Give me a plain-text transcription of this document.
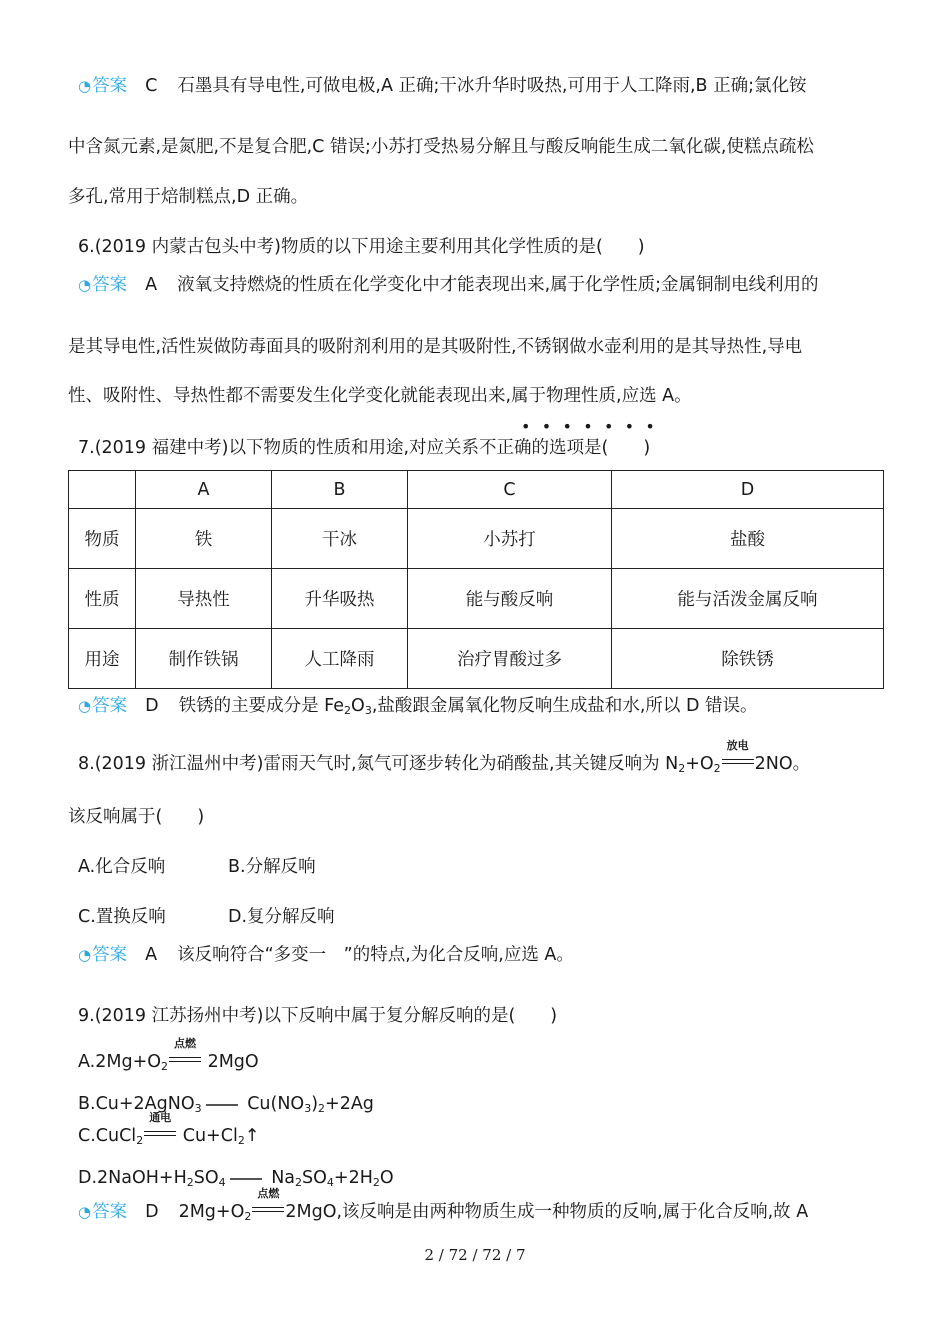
◔答案 C 石墨具有导电性,可做电极,A 正确;干冰升华时吸热,可用于人工降雨,B 正确;氯化铵
中含氮元素,是氮肥,不是复合肥,C 错误;小苏打受热易分解且与酸反响能生成二氧化碳,使糕点疏松
多孔,常用于焙制糕点,D 正确。
6.(2019 内蒙古包头中考)物质的以下用途主要利用其化学性质的是(　　)
◔答案 A 液氧支持燃烧的性质在化学变化中才能表现出来,属于化学性质;金属铜制电线利用的
是其导电性,活性炭做防毒面具的吸附剂利用的是其吸附性,不锈钢做水壶利用的是其导热性,导电
性、吸附性、导热性都不需要发生化学变化就能表现出来,属于物理性质,应选 A。
•••••••
7.(2019 福建中考)以下物质的性质和用途,对应关系不正确的选项是(　　)
	A	B	C	D
物质	铁	干冰	小苏打	盐酸
性质	导热性	升华吸热	能与酸反响	能与活泼金属反响
用途	制作铁锅	人工降雨	治疗胃酸过多	除铁锈
◔答案 D 铁锈的主要成分是 $Fe_2O_3$,盐酸跟金属氧化物反响生成盐和水,所以 D 错误。
8.(2019 浙江温州中考)雷雨天气时,氮气可逐步转化为硝酸盐,其关键反响为 $N_2+O_2$
放电
2NO。
该反响属于(　　)
A.化合反响	B.分解反响
C.置换反响	D.复分解反响
◔答案 A 该反响符合“多变一　”的特点,为化合反响,应选 A。
9.(2019 江苏扬州中考)以下反响中属于复分解反响的是(　　)
$A.2Mg+O_2$
点燃
2MgO
B.Cu+2AgNO$_3$ $Cu(NO_3)_2+2Ag$
C.CuCl$_2$
通电
$Cu+Cl_2↑$
$D.2NaOH+H_2SO_4$ $Na_2SO_4+2H_2O$
◔答案 D $2Mg+O_2$
点燃
2MgO,该反响是由两种物质生成一种物质的反响,属于化合反响,故 A
2 / 72 / 72 / 7
